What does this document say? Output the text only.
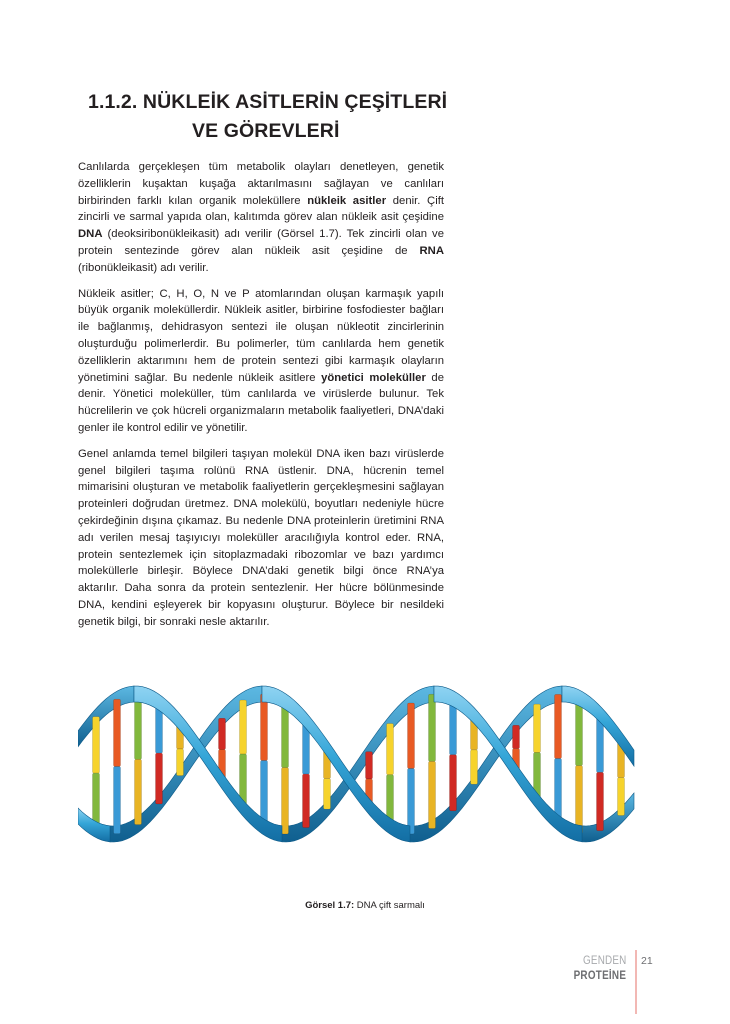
1.1.2. NÜKLEİK ASİTLERİN ÇEŞİTLERİ
VE GÖREVLERİ

Canlılarda gerçekleşen tüm metabolik olayları denetleyen, genetik özelliklerin kuşaktan kuşağa aktarılmasını sağlayan ve canlıları birbirinden farklı kılan organik moleküllere nükleik asitler denir. Çift zincirli ve sarmal yapıda olan, kalıtımda görev alan nükleik asit çeşidine DNA (deoksiribonükleikasit) adı verilir (Görsel 1.7). Tek zincirli olan ve protein sentezinde görev alan nükleik asit çeşidine de RNA (ribonükleikasit) adı verilir.

Nükleik asitler; C, H, O, N ve P atomlarından oluşan karmaşık yapılı büyük organik moleküllerdir. Nükleik asitler, birbirine fosfodiester bağları ile bağlanmış, dehidrasyon sentezi ile oluşan nükleotit zincirlerinin oluşturduğu polimerlerdir. Bu polimerler, tüm canlılarda hem genetik özelliklerin aktarımını hem de protein sentezi gibi karmaşık olayların yönetimini sağlar. Bu nedenle nükleik asitlere yönetici moleküller de denir. Yönetici moleküller, tüm canlılarda ve virüslerde bulunur. Tek hücrelilerin ve çok hücreli organizmaların metabolik faaliyetleri, DNA’daki genler ile kontrol edilir ve yönetilir.

Genel anlamda temel bilgileri taşıyan molekül DNA iken bazı virüslerde genel bilgileri taşıma rolünü RNA üstlenir. DNA, hücrenin temel mimarisini oluşturan ve metabolik faaliyetlerin gerçekleşmesini sağlayan proteinleri doğrudan üretmez. DNA molekülü, boyutları nedeniyle hücre çekirdeğinin dışına çıkamaz. Bu nedenle DNA proteinlerin üretimini RNA adı verilen mesaj taşıyıcıyı moleküller aracılığıyla kontrol eder. RNA, protein sentezlemek için sitoplazmadaki ribozomlar ve bazı yardımcı moleküllerle birleşir. Böylece DNA’daki genetik bilgi önce RNA’ya aktarılır. Daha sonra da protein sentezlenir. Her hücre bölünmesinde DNA, kendini eşleyerek bir kopyasını oluşturur. Böylece bir nesildeki genetik bilgi, bir sonraki nesle aktarılır.

Görsel 1.7: DNA çift sarmalı
GENDEN
PROTEİNE
21
